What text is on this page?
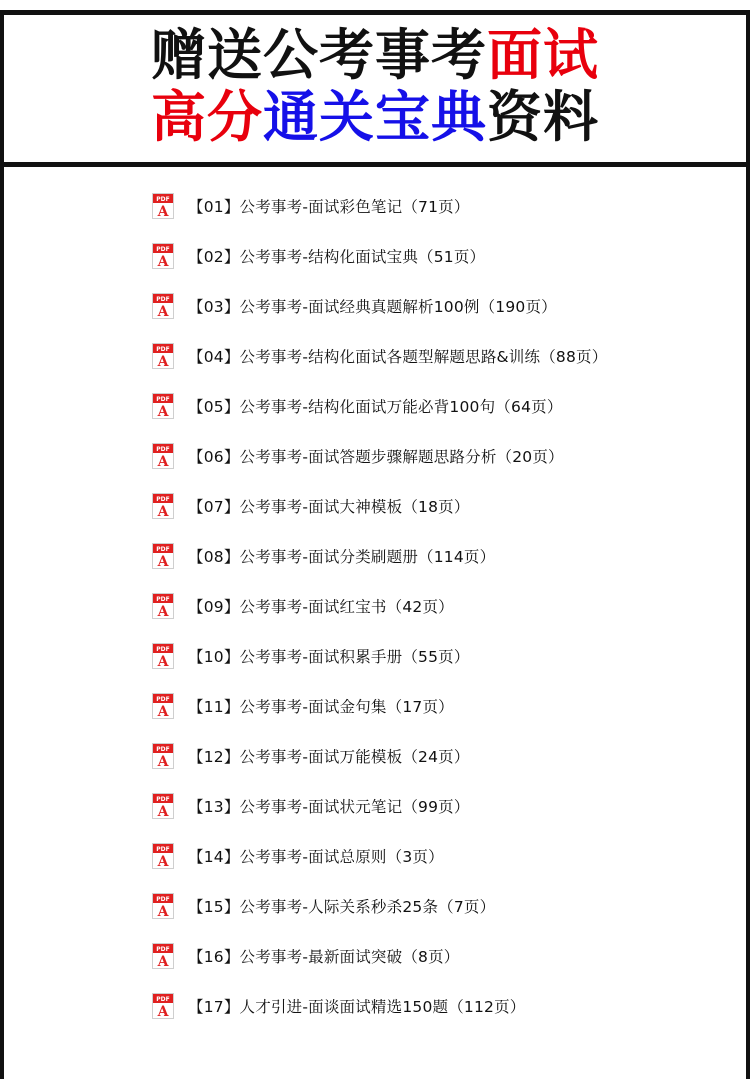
赠送公考事考面试
高分通关宝典资料
PDF
A 【01】公考事考-面试彩色笔记（71页）
PDF
A 【02】公考事考-结构化面试宝典（51页）
PDF
A 【03】公考事考-面试经典真题解析100例（190页）
PDF
A 【04】公考事考-结构化面试各题型解题思路&训练（88页）
PDF
A 【05】公考事考-结构化面试万能必背100句（64页）
PDF
A 【06】公考事考-面试答题步骤解题思路分析（20页）
PDF
A 【07】公考事考-面试大神模板（18页）
PDF
A 【08】公考事考-面试分类刷题册（114页）
PDF
A 【09】公考事考-面试红宝书（42页）
PDF
A 【10】公考事考-面试积累手册（55页）
PDF
A 【11】公考事考-面试金句集（17页）
PDF
A 【12】公考事考-面试万能模板（24页）
PDF
A 【13】公考事考-面试状元笔记（99页）
PDF
A 【14】公考事考-面试总原则（3页）
PDF
A 【15】公考事考-人际关系秒杀25条（7页）
PDF
A 【16】公考事考-最新面试突破（8页）
PDF
A 【17】人才引进-面谈面试精选150题（112页）
